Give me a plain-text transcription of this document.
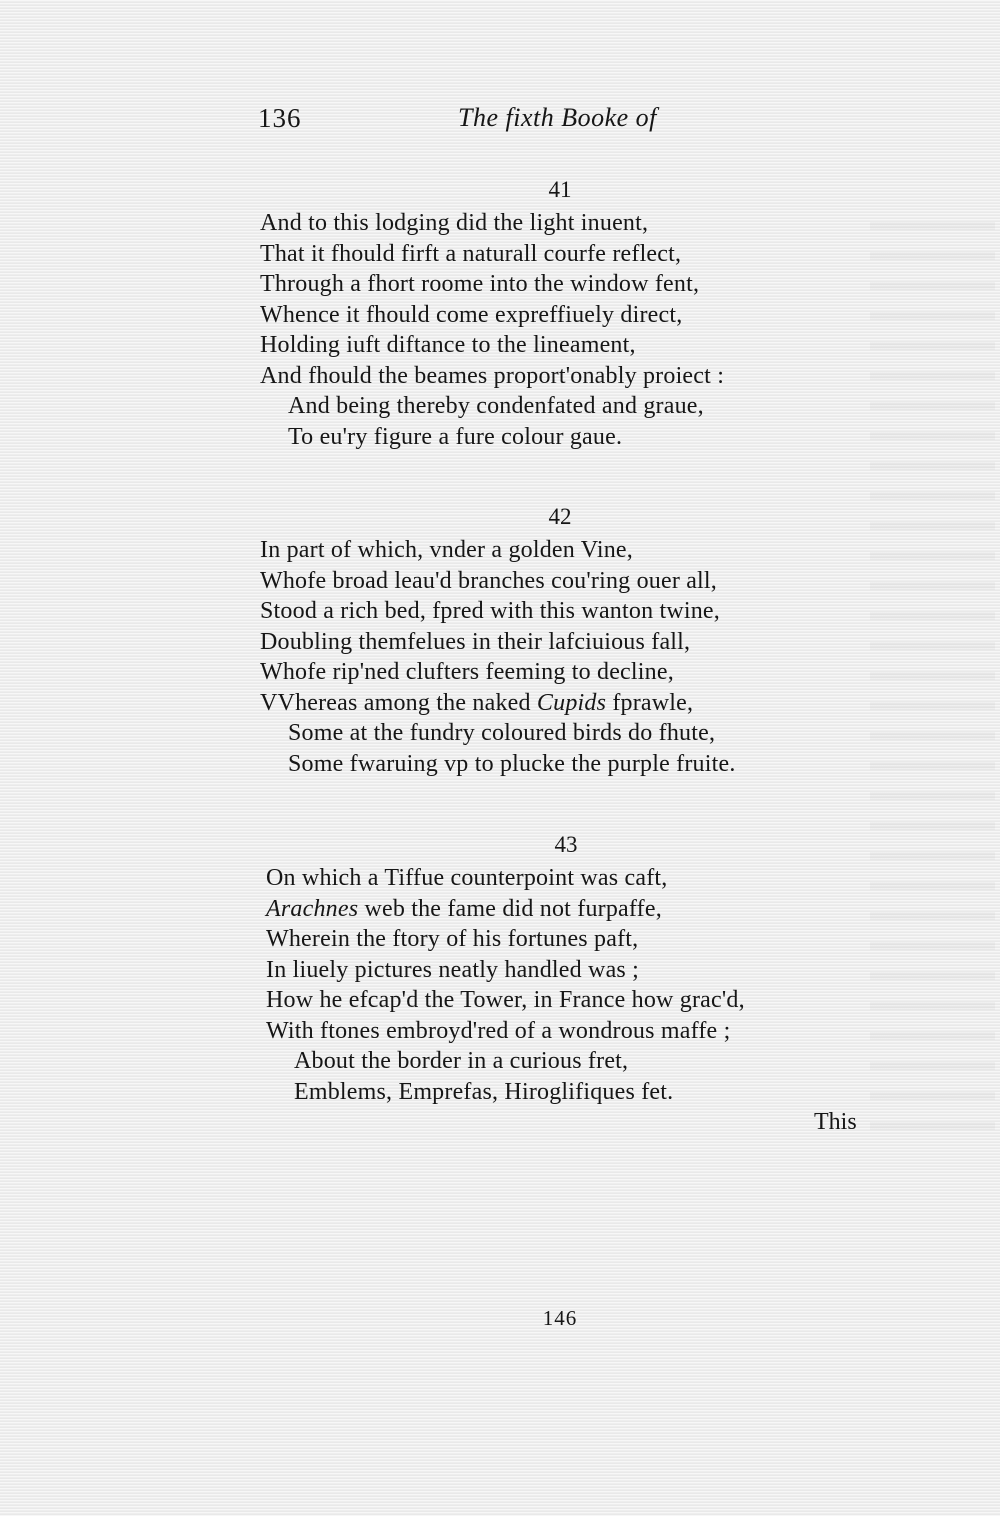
136	The fixth Booke of
41
And to this lodging did the light inuent,
That it fhould firft a naturall courfe reflect,
Through a fhort roome into the window fent,
Whence it fhould come expreffiuely direct,
Holding iuft diftance to the lineament,
And fhould the beames proport'onably proiect :
And being thereby condenfated and graue,
To eu'ry figure a fure colour gaue.
42
In part of which, vnder a golden Vine,
Whofe broad leau'd branches cou'ring ouer all,
Stood a rich bed, fpred with this wanton twine,
Doubling themfelues in their lafciuious fall,
Whofe rip'ned clufters feeming to decline,
VVhereas among the naked Cupids fprawle,
Some at the fundry coloured birds do fhute,
Some fwaruing vp to plucke the purple fruite.
43
On which a Tiffue counterpoint was caft,
Arachnes web the fame did not furpaffe,
Wherein the ftory of his fortunes paft,
In liuely pictures neatly handled was ;
How he efcap'd the Tower, in France how grac'd,
With ftones embroyd'red of a wondrous maffe ;
About the border in a curious fret,
Emblems, Emprefas, Hiroglifiques fet.
This
146
